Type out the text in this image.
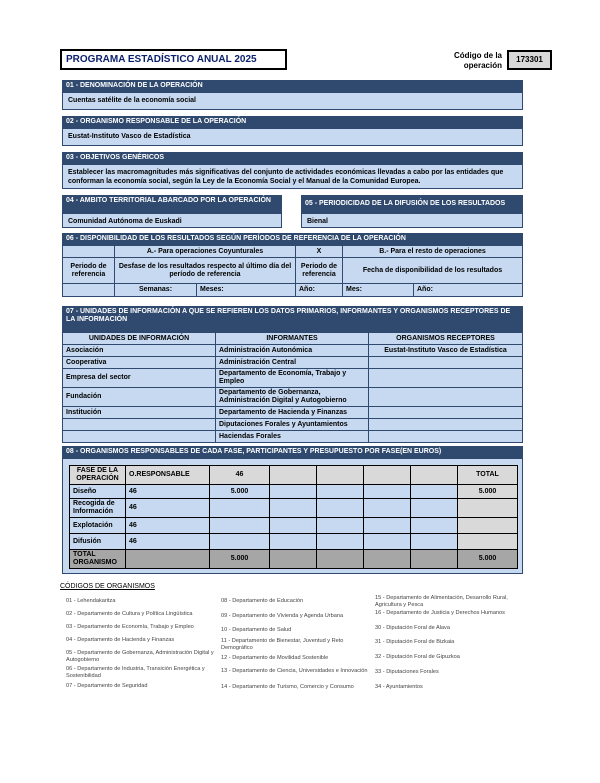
PROGRAMA ESTADÍSTICO ANUAL 2025	Código de la operación
173301
01 - DENOMINACIÓN DE LA OPERACIÓN
Cuentas satélite de la economía social
02 - ORGANISMO RESPONSABLE DE LA OPERACIÓN
Eustat-Instituto Vasco de Estadística
03 - OBJETIVOS GENÉRICOS
Establecer las macromagnitudes más significativas del conjunto de actividades económicas llevadas a cabo por las entidades que conforman la economía social, según la Ley de la Economía Social y el Manual de la Comunidad Europea.
04 - AMBITO TERRITORIAL ABARCADO POR LA OPERACIÓN
Comunidad Autónoma de Euskadi
05 - PERIODICIDAD DE LA DIFUSIÓN DE LOS RESULTADOS
Bienal
06 - DISPONIBILIDAD DE LOS RESULTADOS SEGÚN PERÍODOS DE REFERENCIA DE LA OPERACIÓN
	A.- Para operaciones Coyunturales		X	B.- Para el resto de operaciones	
Periodo de referencia	Desfase de los resultados respecto al último día del período de referencia		Periodo de referencia	Fecha de disponibilidad de los resultados	
	Semanas:	Meses:	Año:	Mes:	Año:
07 - UNIDADES DE INFORMACIÓN A QUE SE REFIEREN LOS DATOS PRIMARIOS, INFORMANTES Y ORGANISMOS RECEPTORES DE LA INFORMACIÓN
UNIDADES DE INFORMACIÓN	INFORMANTES	ORGANISMOS RECEPTORES
Asociación	Administración Autonómica	Eustat-Instituto Vasco de Estadística
Cooperativa	Administración Central	
Empresa del sector	Departamento de Economía, Trabajo y Empleo	
Fundación	Departamento de Gobernanza, Administración Digital y Autogobierno	
Institución	Departamento de Hacienda y Finanzas	
	Diputaciones Forales y Ayuntamientos	
	Haciendas Forales	
08 - ORGANISMOS RESPONSABLES DE CADA FASE, PARTICIPANTES Y PRESUPUESTO POR FASE(EN EUROS)
FASE DE LA OPERACIÓN	O.RESPONSABLE	46					TOTAL
Diseño	46	5.000					5.000
Recogida de Información	46						
Explotación	46						
Difusión	46						
TOTAL ORGANISMO		5.000					5.000
CÓDIGOS DE ORGANISMOS
01 - Lehendakaritza
02 - Departamento de Cultura y Política Lingüística
03 - Departamento de Economía, Trabajo y Empleo
04 - Departamento de Hacienda y Finanzas
05 - Departamento de Gobernanza, Administración Digital y Autogobierno
06 - Departamento de Industria, Transición Energética y Sostenibilidad
07 - Departamento de Seguridad
08 - Departamento de Educación
09 - Departamento de Vivienda y Agenda Urbana
10 - Departamento de Salud
11 - Departamento de Bienestar, Juventud y Reto Demográfico
12 - Departamento de Movilidad Sostenible
13 - Departamento de Ciencia, Universidades e Innovación
14 - Departamento de Turismo, Comercio y Consumo
15 - Departamento de Alimentación, Desarrollo Rural, Agricultura y Pesca
16 - Departamento de Justicia y Derechos Humanos
30 - Diputación Foral de Alava
31 - Diputación Foral de Bizkaia
32 - Diputación Foral de Gipuzkoa
33 - Diputaciones Forales
34 - Ayuntamientos
